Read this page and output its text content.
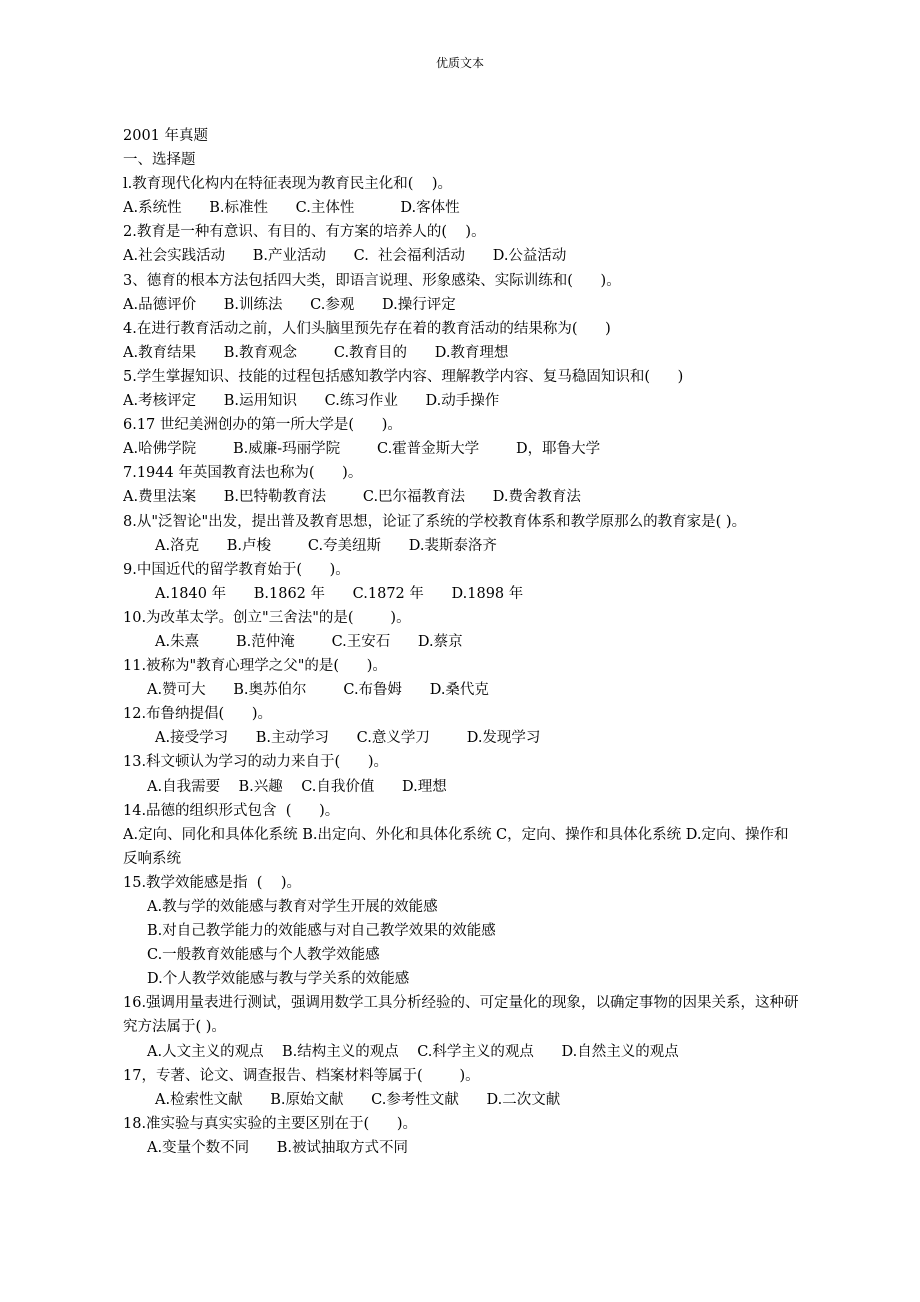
优质文本
2001 年真题
一、选择题
l.教育现代化构内在特征表现为教育民主化和(    )。
A.系统性      B.标准性      C.主体性          D.客体性
2.教育是一种有意识、有目的、有方案的培养人的(    )。
A.社会实践活动      B.产业活动      C.  社会福利活动      D.公益活动
3、德育的根本方法包括四大类，即语言说理、形象感染、实际训练和(      )。
A.品德评价      B.训练法      C.参观      D.操行评定
4.在进行教育活动之前，人们头脑里预先存在着的教育活动的结果称为(      )
A.教育结果      B.教育观念        C.教育目的      D.教育理想
5.学生掌握知识、技能的过程包括感知教学内容、理解教学内容、复马稳固知识和(      )
A.考核评定      B.运用知识      C.练习作业      D.动手操作
6.17 世纪美洲创办的第一所大学是(      )。
A.哈佛学院        B.威廉-玛丽学院        C.霍普金斯大学        D，耶鲁大学
7.1944 年英国教育法也称为(      )。
A.费里法案      B.巴特勒教育法        C.巴尔福教育法      D.费舍教育法
8.从"泛智论"出发，提出普及教育思想，论证了系统的学校教育体系和教学原那么的教育家是( )。
A.洛克      B.卢梭        C.夸美纽斯      D.裴斯泰洛齐
9.中国近代的留学教育始于(      )。
A.1840 年      B.1862 年      C.1872 年      D.1898 年
10.为改革太学。创立"三舍法"的是(        )。
A.朱熹        B.范仲淹        C.王安石      D.蔡京
11.被称为"教育心理学之父"的是(      )。
A.赞可大      B.奥苏伯尔        C.布鲁姆      D.桑代克
12.布鲁纳提倡(      )。
A.接受学习      B.主动学习      C.意义学刀        D.发现学习
13.科文顿认为学习的动力来自于(      )。
A.自我需要    B.兴趣    C.自我价值      D.理想
14.品德的组织形式包含  (      )。
A.定向、同化和具体化系统 B.出定向、外化和具体化系统 C，定向、操作和具体化系统 D.定向、操作和反响系统
15.教学效能感是指  (    )。
A.教与学的效能感与教育对学生开展的效能感
B.对自己教学能力的效能感与对自己教学效果的效能感
C.一般教育效能感与个人教学效能感
D.个人教学效能感与教与学关系的效能感
16.强调用量表进行测试，强调用数学工具分析经验的、可定量化的现象，以确定事物的因果关系，这种研究方法属于( )。
A.人文主义的观点    B.结构主义的观点    C.科学主义的观点      D.自然主义的观点
17，专著、论文、调查报告、档案材料等属于(        )。
A.检索性文献      B.原始文献      C.参考性文献      D.二次文献
18.准实验与真实实验的主要区别在于(      )。
A.变量个数不同      B.被试抽取方式不同
